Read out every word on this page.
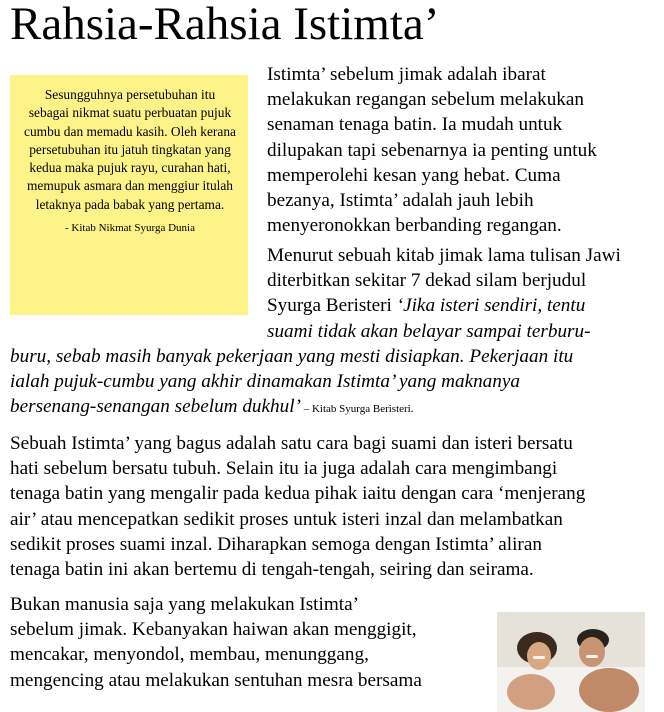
Rahsia-Rahsia Istimta’

Sesungguhnya persetubuhan itu sebagai nikmat suatu perbuatan pujuk cumbu dan memadu kasih. Oleh kerana persetubuhan itu jatuh tingkatan yang kedua maka pujuk rayu, curahan hati, memupuk asmara dan menggiur itulah letaknya pada babak yang pertama.

- Kitab Nikmat Syurga Dunia

Istimta’ sebelum jimak adalah ibarat
melakukan regangan sebelum melakukan
senaman tenaga batin. Ia mudah untuk
dilupakan tapi sebenarnya ia penting untuk
memperolehi kesan yang hebat. Cuma
bezanya, Istimta’ adalah jauh lebih
menyeronokkan berbanding regangan.
Menurut sebuah kitab jimak lama tulisan Jawi
diterbitkan sekitar 7 dekad silam berjudul
Syurga Beristeri ‘Jika isteri sendiri, tentu
suami tidak akan belayar sampai terburu-
buru, sebab masih banyak pekerjaan yang mesti disiapkan. Pekerjaan itu
ialah pujuk-cumbu yang akhir dinamakan Istimta’ yang maknanya
bersenang-senangan sebelum dukhul’ – Kitab Syurga Beristeri.
Sebuah Istimta’ yang bagus adalah satu cara bagi suami dan isteri bersatu
hati sebelum bersatu tubuh. Selain itu ia juga adalah cara mengimbangi
tenaga batin yang mengalir pada kedua pihak iaitu dengan cara ‘menjerang
air’ atau mencepatkan sedikit proses untuk isteri inzal dan melambatkan
sedikit proses suami inzal. Diharapkan semoga dengan Istimta’ aliran
tenaga batin ini akan bertemu di tengah-tengah, seiring dan seirama.
Bukan manusia saja yang melakukan Istimta’
sebelum jimak. Kebanyakan haiwan akan menggigit,
mencakar, menyondol, membau, menunggang,
mengencing atau melakukan sentuhan mesra bersama
